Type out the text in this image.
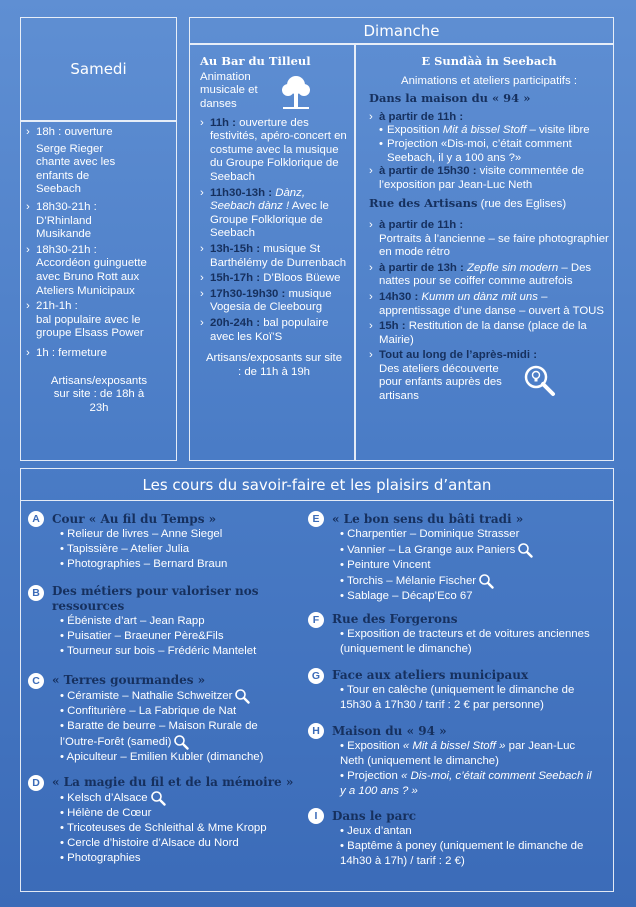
Samedi
› 18h : ouverture
Serge Rieger chante avec les enfants de Seebach
› 18h30-21h :
D’Rhinland Musikande
› 18h30-21h :
Accordéon guinguette avec Bruno Rott aux Ateliers Municipaux
› 21h-1h :
bal populaire avec le groupe Elsass Power
› 1h : fermeture
Artisans/exposants sur site : de 18h à 23h
Dimanche
Au Bar du Tilleul
Animation musicale et danses
› 11h : ouverture des festivités, apéro-concert en costume avec la musique du Groupe Folklorique de Seebach
› 11h30-13h : Dànz, Seebach dànz ! Avec le Groupe Folklorique de Seebach
› 13h-15h : musique St Barthélémy de Durrenbach
› 15h-17h : D’Bloos Büewe
› 17h30-19h30 : musique Vogesia de Cleebourg
› 20h-24h : bal populaire avec les Koï’S
Artisans/exposants sur site : de 11h à 19h
E Sundàà in Seebach
Animations et ateliers participatifs :
Dans la maison du « 94 »
› à partir de 11h :
• Exposition Mit á bissel Stoff – visite libre
• Projection «Dis-moi, c’était comment Seebach, il y a 100 ans ?»
› à partir de 15h30 : visite commentée de l’exposition par Jean-Luc Neth
Rue des Artisans (rue des Eglises)
› à partir de 11h :
Portraits à l’ancienne – se faire photographier en mode rétro
› à partir de 13h : Zepfle sin modern – Des nattes pour se coiffer comme autrefois
› 14h30 : Kumm un dànz mit uns – apprentissage d’une danse – ouvert à TOUS
› 15h : Restitution de la danse (place de la Mairie)
› Tout au long de l’après-midi :
Des ateliers découverte pour enfants auprès des artisans
Les cours du savoir-faire et les plaisirs d’antan
A	Cour « Au fil du Temps »
• Relieur de livres – Anne Siegel
• Tapissière – Atelier Julia
• Photographies – Bernard Braun
B	Des métiers pour valoriser nos ressources
• Ébéniste d’art – Jean Rapp
• Puisatier – Braeuner Père&Fils
• Tourneur sur bois – Frédéric Mantelet
C	« Terres gourmandes »
• Céramiste – Nathalie Schweitzer
• Confiturière – La Fabrique de Nat
• Baratte de beurre – Maison Rurale de l’Outre-Forêt (samedi)
• Apiculteur – Emilien Kubler (dimanche)
D	« La magie du fil et de la mémoire »
• Kelsch d’Alsace
• Hélène de Cœur
• Tricoteuses de Schleithal & Mme Kropp
• Cercle d’histoire d’Alsace du Nord
• Photographies
E	« Le bon sens du bâti tradi »
• Charpentier – Dominique Strasser
• Vannier – La Grange aux Paniers
• Peinture Vincent
• Torchis – Mélanie Fischer
• Sablage – Décap’Eco 67
F	Rue des Forgerons
• Exposition de tracteurs et de voitures anciennes (uniquement le dimanche)
G Face aux ateliers municipaux
• Tour en calèche (uniquement le dimanche de 15h30 à 17h30 / tarif : 2 € par personne)
H	Maison du « 94 »
• Exposition « Mit á bissel Stoff » par Jean-Luc Neth (uniquement le dimanche)
• Projection « Dis-moi, c’était comment Seebach il y a 100 ans ? »
I	Dans le parc
• Jeux d’antan
• Baptême à poney (uniquement le dimanche de 14h30 à 17h) / tarif : 2 €)
